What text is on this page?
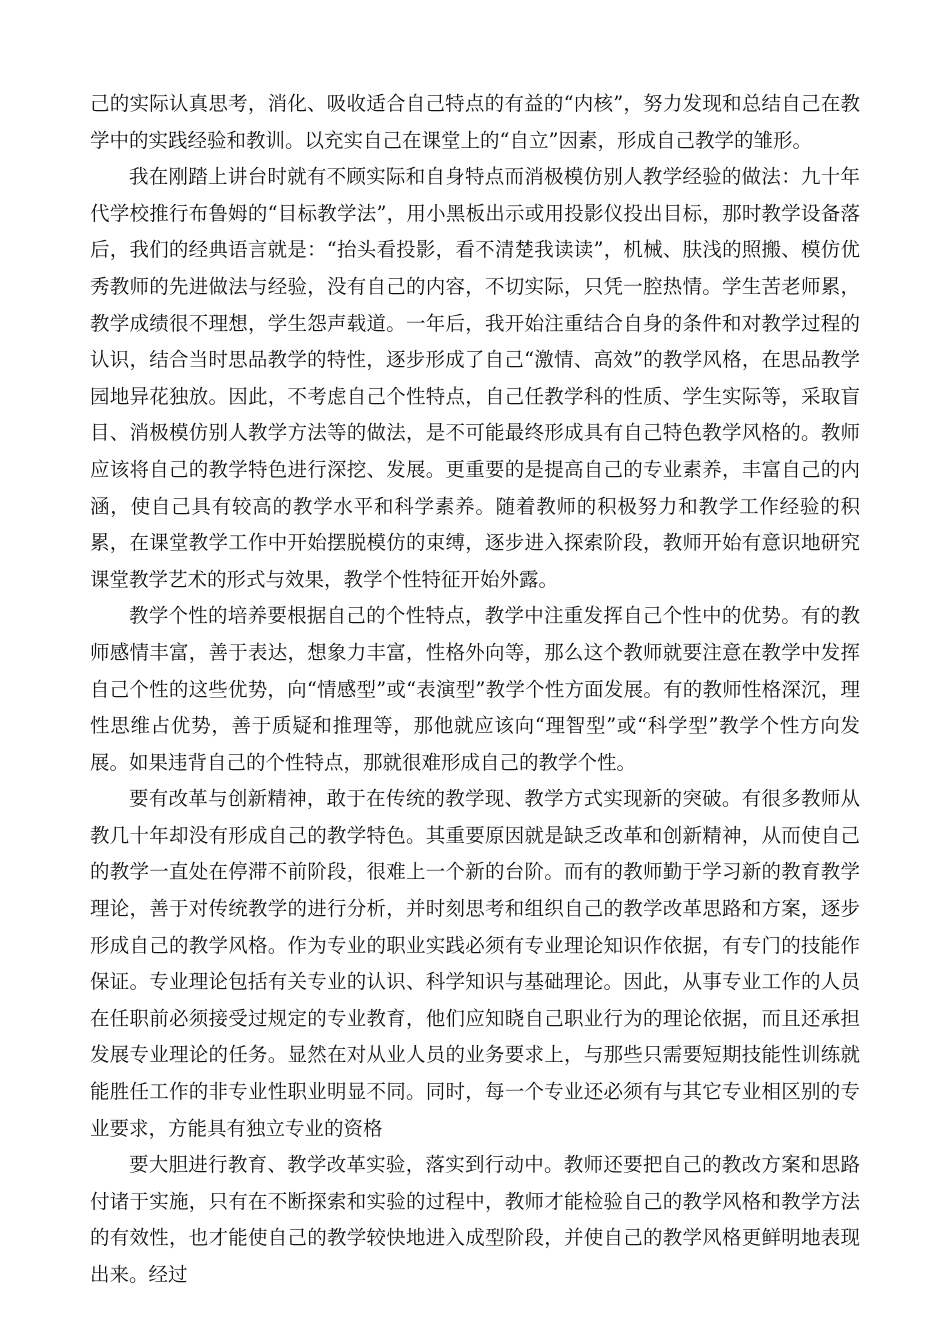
己的实际认真思考，消化、吸收适合自己特点的有益的“内核”，努力发现和总结自己在教学中的实践经验和教训。以充实自己在课堂上的“自立”因素，形成自己教学的雏形。

我在刚踏上讲台时就有不顾实际和自身特点而消极模仿别人教学经验的做法：九十年代学校推行布鲁姆的“目标教学法”，用小黑板出示或用投影仪投出目标，那时教学设备落后，我们的经典语言就是：“抬头看投影，看不清楚我读读”，机械、肤浅的照搬、模仿优秀教师的先进做法与经验，没有自己的内容，不切实际，只凭一腔热情。学生苦老师累，教学成绩很不理想，学生怨声载道。一年后，我开始注重结合自身的条件和对教学过程的认识，结合当时思品教学的特性，逐步形成了自己“激情、高效”的教学风格，在思品教学园地异花独放。因此，不考虑自己个性特点，自己任教学科的性质、学生实际等，采取盲目、消极模仿别人教学方法等的做法，是不可能最终形成具有自己特色教学风格的。教师应该将自己的教学特色进行深挖、发展。更重要的是提高自己的专业素养，丰富自己的内涵，使自己具有较高的教学水平和科学素养。随着教师的积极努力和教学工作经验的积累，在课堂教学工作中开始摆脱模仿的束缚，逐步进入探索阶段，教师开始有意识地研究课堂教学艺术的形式与效果，教学个性特征开始外露。

教学个性的培养要根据自己的个性特点，教学中注重发挥自己个性中的优势。有的教师感情丰富，善于表达，想象力丰富，性格外向等，那么这个教师就要注意在教学中发挥自己个性的这些优势，向“情感型”或“表演型”教学个性方面发展。有的教师性格深沉，理性思维占优势，善于质疑和推理等，那他就应该向“理智型”或“科学型”教学个性方向发展。如果违背自己的个性特点，那就很难形成自己的教学个性。

要有改革与创新精神，敢于在传统的教学现、教学方式实现新的突破。有很多教师从教几十年却没有形成自己的教学特色。其重要原因就是缺乏改革和创新精神，从而使自己的教学一直处在停滞不前阶段，很难上一个新的台阶。而有的教师勤于学习新的教育教学理论，善于对传统教学的进行分析，并时刻思考和组织自己的教学改革思路和方案，逐步形成自己的教学风格。作为专业的职业实践必须有专业理论知识作依据，有专门的技能作保证。专业理论包括有关专业的认识、科学知识与基础理论。因此，从事专业工作的人员在任职前必须接受过规定的专业教育，他们应知晓自己职业行为的理论依据，而且还承担发展专业理论的任务。显然在对从业人员的业务要求上，与那些只需要短期技能性训练就能胜任工作的非专业性职业明显不同。同时，每一个专业还必须有与其它专业相区别的专业要求，方能具有独立专业的资格

要大胆进行教育、教学改革实验，落实到行动中。教师还要把自己的教改方案和思路付诸于实施，只有在不断探索和实验的过程中，教师才能检验自己的教学风格和教学方法的有效性，也才能使自己的教学较快地进入成型阶段，并使自己的教学风格更鲜明地表现出来。经过
